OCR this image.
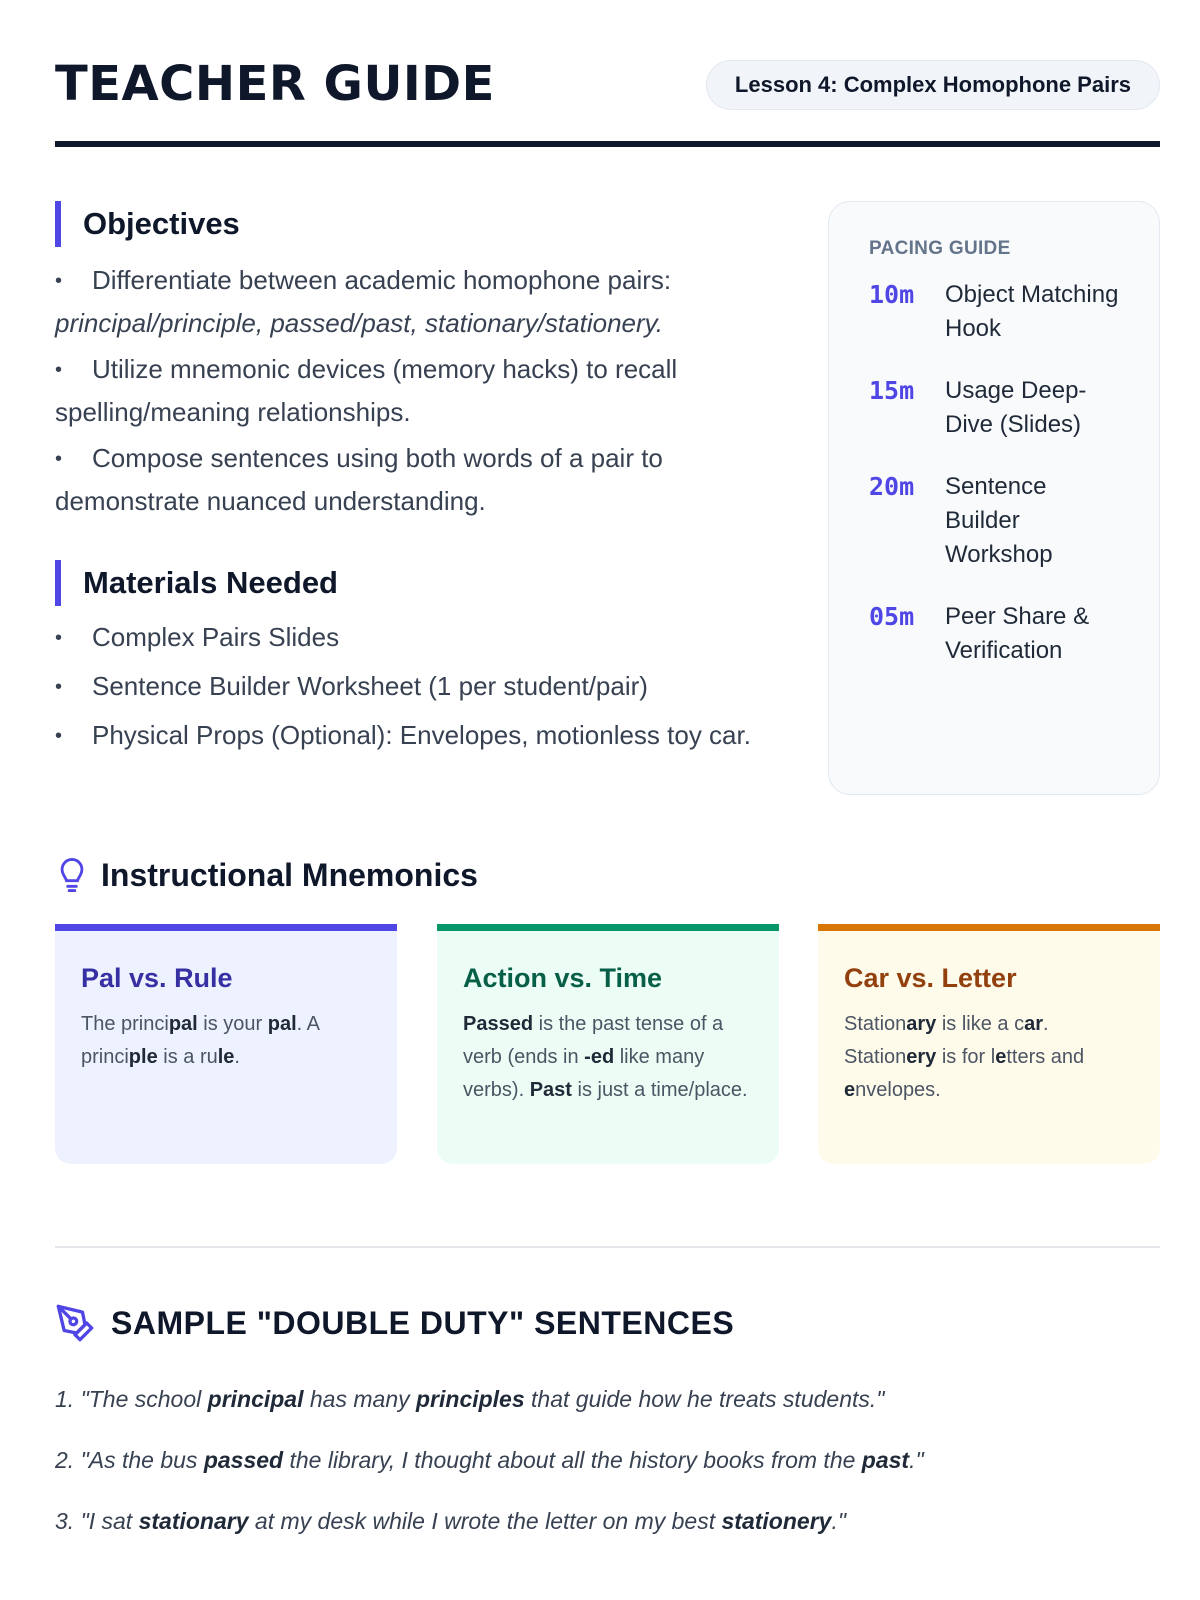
TEACHER GUIDE	Lesson 4: Complex Homophone Pairs
Objectives
•Differentiate between academic homophone pairs: principal/principle, passed/past, stationary/stationery.
•Utilize mnemonic devices (memory hacks) to recall spelling/meaning relationships.
•Compose sentences using both words of a pair to demonstrate nuanced understanding.
Materials Needed
•Complex Pairs Slides
•Sentence Builder Worksheet (1 per student/pair)
•Physical Props (Optional): Envelopes, motionless toy car.
PACING GUIDE
10m	Object Matching Hook
15m	Usage Deep-Dive (Slides)
20m	Sentence Builder Workshop
05m	Peer Share & Verification
Instructional Mnemonics
Pal vs. Rule

The principal is your pal. A principle is a rule.

Action vs. Time

Passed is the past tense of a verb (ends in -ed like many verbs). Past is just a time/place.

Car vs. Letter

Stationary is like a car. Stationery is for letters and envelopes.

SAMPLE "DOUBLE DUTY" SENTENCES
1. "The school principal has many principles that guide how he treats students."
2. "As the bus passed the library, I thought about all the history books from the past."
3. "I sat stationary at my desk while I wrote the letter on my best stationery."
